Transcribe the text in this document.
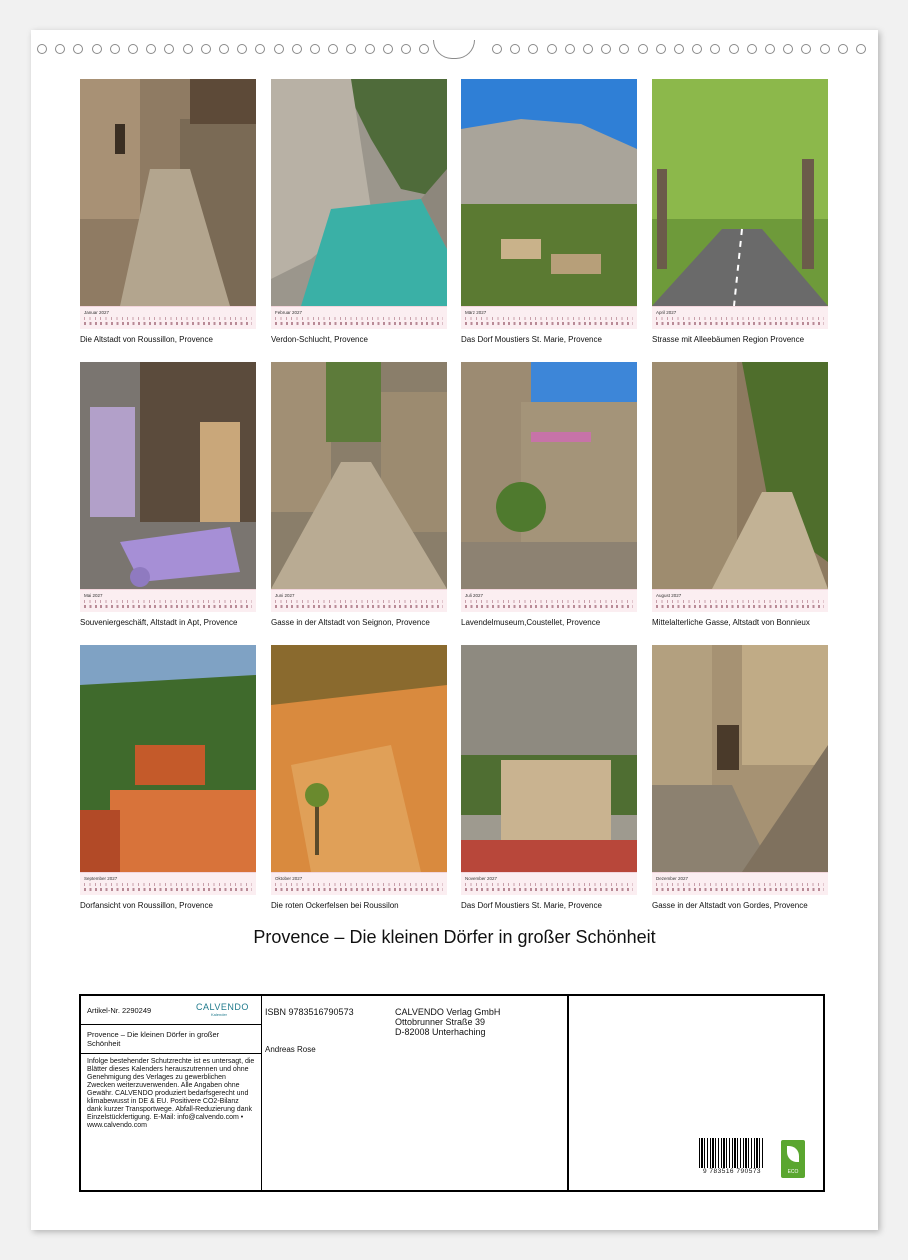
Januar 2027
Die Altstadt von Roussillon, Provence
Februar 2027
Verdon-Schlucht, Provence
März 2027
Das Dorf Moustiers St. Marie, Provence
April 2027
Strasse mit Alleebäumen Region Provence
Mai 2027
Souveniergeschäft, Altstadt in Apt, Provence
Juni 2027
Gasse in der Altstadt von Seignon, Provence
Juli 2027
Lavendelmuseum,Coustellet, Provence
August 2027
Mittelalterliche Gasse, Altstadt von Bonnieux
September 2027
Dorfansicht von Roussillon, Provence
Oktober 2027
Die roten Ockerfelsen bei Roussilon
November 2027
Das Dorf Moustiers St. Marie, Provence
Dezember 2027
Gasse in der Altstadt von Gordes, Provence
Provence – Die kleinen Dörfer in großer Schönheit
Artikel-Nr. 2290249	CALVENDO
Kalender
Provence – Die kleinen Dörfer in großer Schönheit
Infolge bestehender Schutzrechte ist es untersagt, die Blätter dieses Kalenders herauszutrennen und ohne Genehmigung des Verlages zu gewerblichen Zwecken weiterzuverwenden. Alle Angaben ohne Gewähr. CALVENDO produziert bedarfsgerecht und klimabewusst in DE & EU. Positivere CO2-Bilanz dank kurzer Transportwege. Abfall-Reduzierung dank Einzelstückfertigung. E-Mail: info@calvendo.com • www.calvendo.com
ISBN 9783516790573
Andreas Rose
CALVENDO Verlag GmbH
Ottobrunner Straße 39
D-82008 Unterhaching
9 783516 790573	ECO
